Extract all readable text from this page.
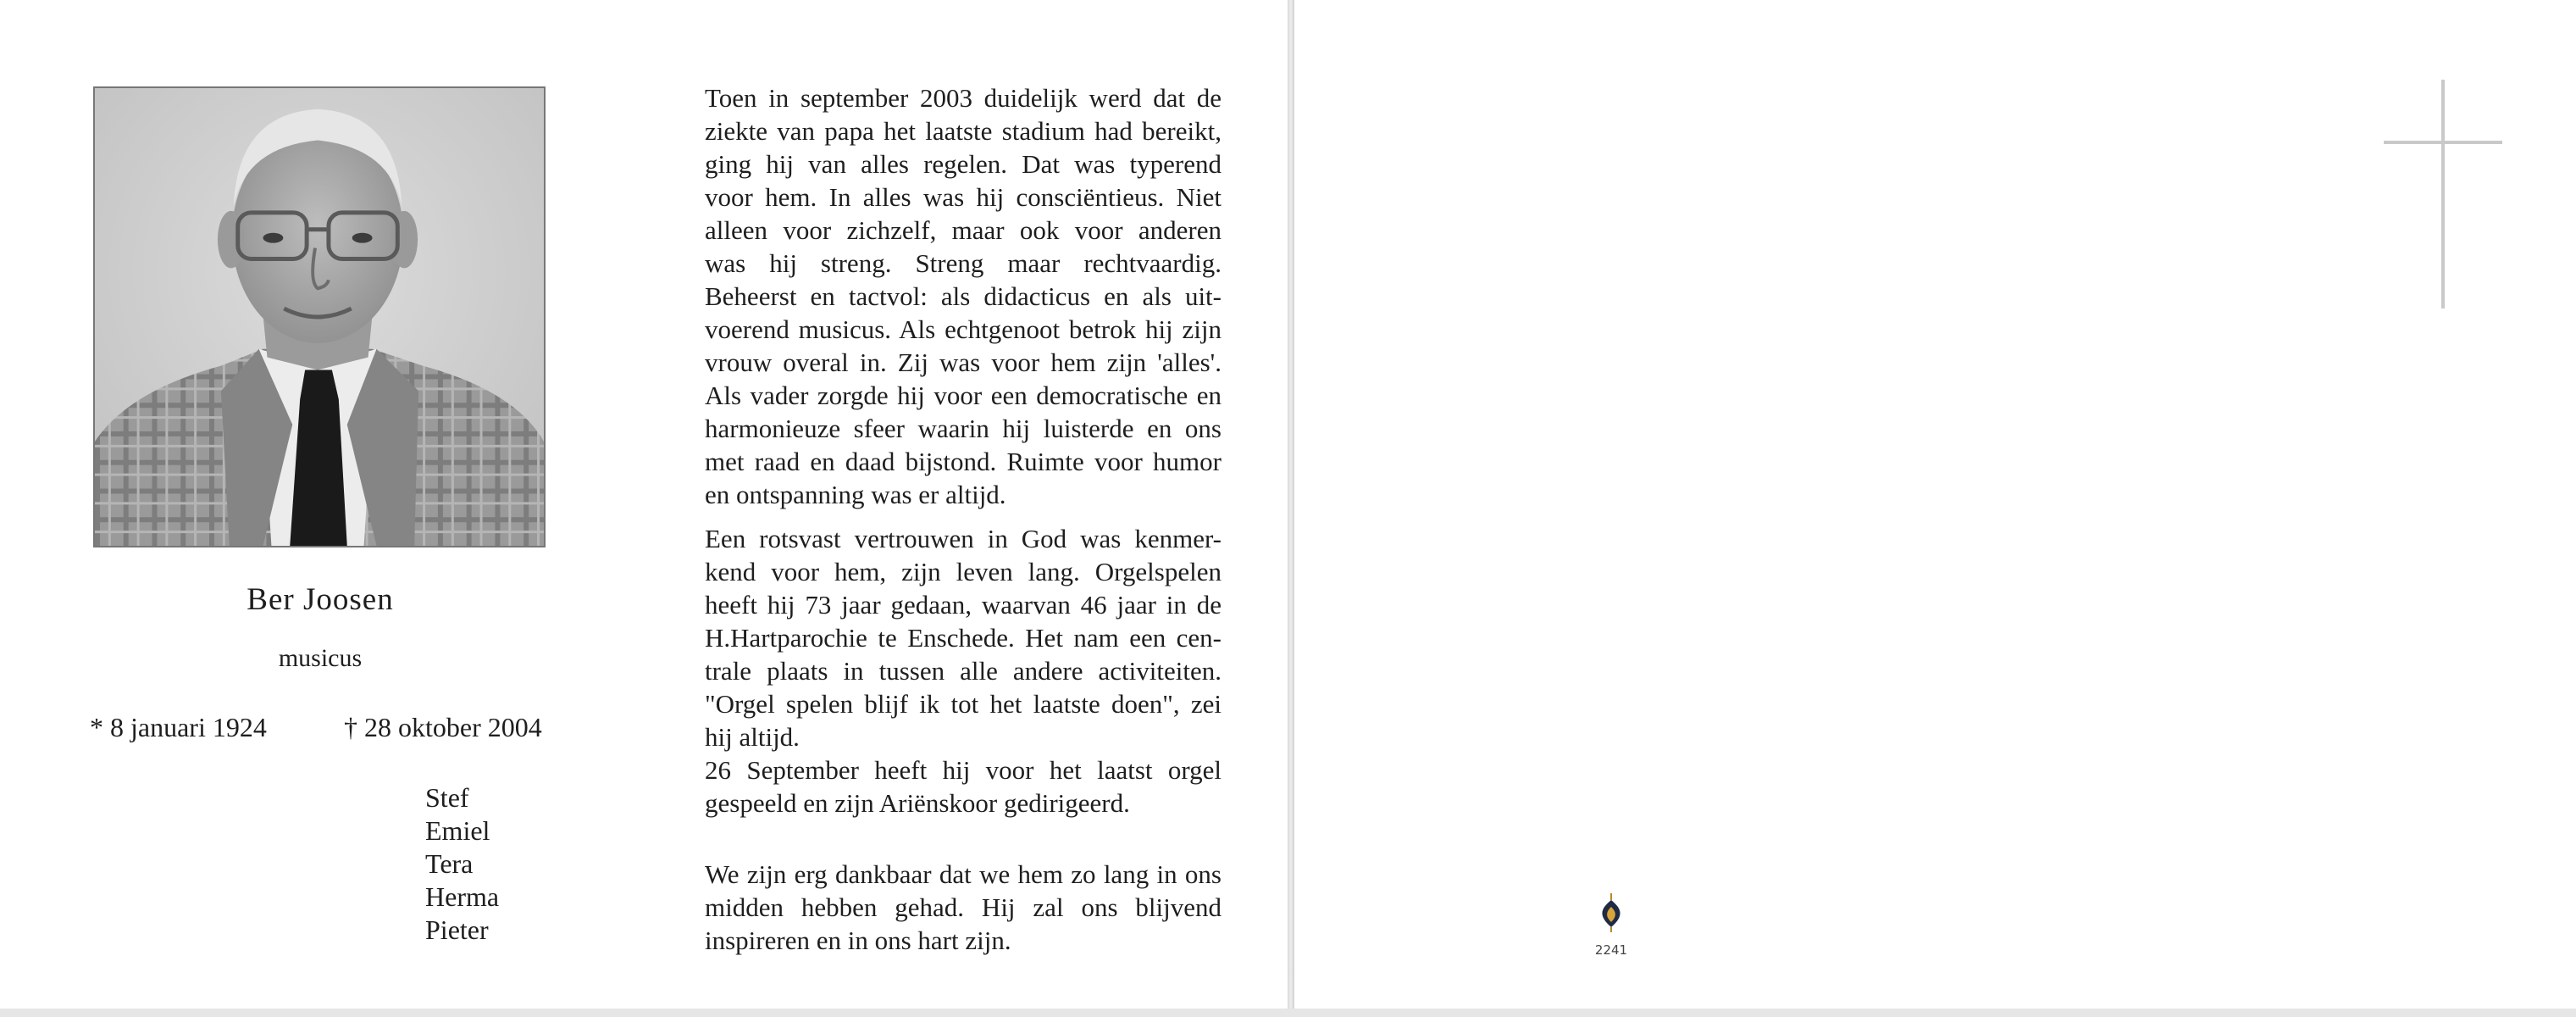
Ber Joosen
musicus
* 8 januari 1924	† 28 oktober 2004
Stef
Emiel
Tera
Herma
Pieter
Toen in september 2003 duidelijk werd dat de
ziekte van papa het laatste stadium had bereikt,
ging hij van alles regelen. Dat was typerend
voor hem. In alles was hij consciëntieus. Niet
alleen voor zichzelf, maar ook voor anderen
was hij streng. Streng maar rechtvaardig.
Beheerst en tactvol: als didacticus en als uit-
voerend musicus. Als echtgenoot betrok hij zijn
vrouw overal in. Zij was voor hem zijn 'alles'.
Als vader zorgde hij voor een democratische en
harmonieuze sfeer waarin hij luisterde en ons
met raad en daad bijstond. Ruimte voor humor
en ontspanning was er altijd.
Een rotsvast vertrouwen in God was kenmer-
kend voor hem, zijn leven lang. Orgelspelen
heeft hij 73 jaar gedaan, waarvan 46 jaar in de
H.Hartparochie te Enschede. Het nam een cen-
trale plaats in tussen alle andere activiteiten.
"Orgel spelen blijf ik tot het laatste doen", zei
hij altijd.
26 September heeft hij voor het laatst orgel
gespeeld en zijn Ariënskoor gedirigeerd.
We zijn erg dankbaar dat we hem zo lang in ons
midden hebben gehad. Hij zal ons blijvend
inspireren en in ons hart zijn.	2241
